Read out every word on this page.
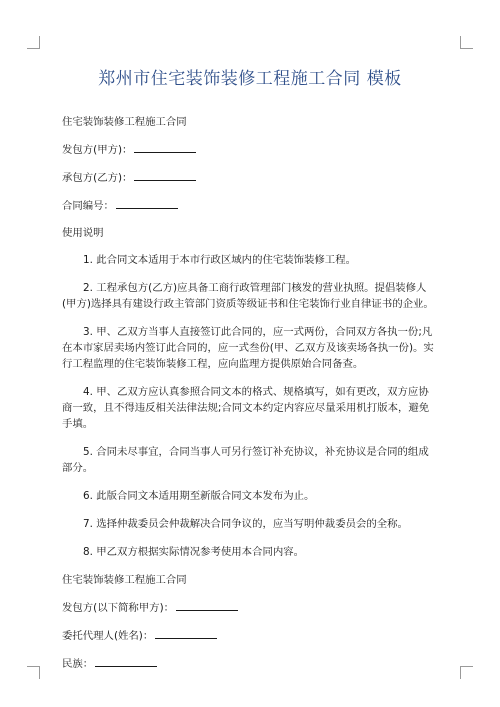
郑州市住宅装饰装修工程施工合同 模板

住宅装饰装修工程施工合同

发包方(甲方)：

承包方(乙方)：

合同编号：

使用说明

1. 此合同文本适用于本市行政区域内的住宅装饰装修工程。

2. 工程承包方(乙方)应具备工商行政管理部门核发的营业执照。提倡装修人(甲方)选择具有建设行政主管部门资质等级证书和住宅装饰行业自律证书的企业。

3. 甲、乙双方当事人直接签订此合同的，应一式两份，合同双方各执一份;凡在本市家居卖场内签订此合同的，应一式叁份(甲、乙双方及该卖场各执一份)。实行工程监理的住宅装饰装修工程，应向监理方提供原始合同备查。

4. 甲、乙双方应认真参照合同文本的格式、规格填写，如有更改，双方应协商一致，且不得违反相关法律法规;合同文本约定内容应尽量采用机打版本，避免手填。

5. 合同未尽事宜，合同当事人可另行签订补充协议，补充协议是合同的组成部分。

6. 此版合同文本适用期至新版合同文本发布为止。

7. 选择仲裁委员会仲裁解决合同争议的，应当写明仲裁委员会的全称。

8. 甲乙双方根据实际情况参考使用本合同内容。

住宅装饰装修工程施工合同

发包方(以下简称甲方)：

委托代理人(姓名)：

民族：
